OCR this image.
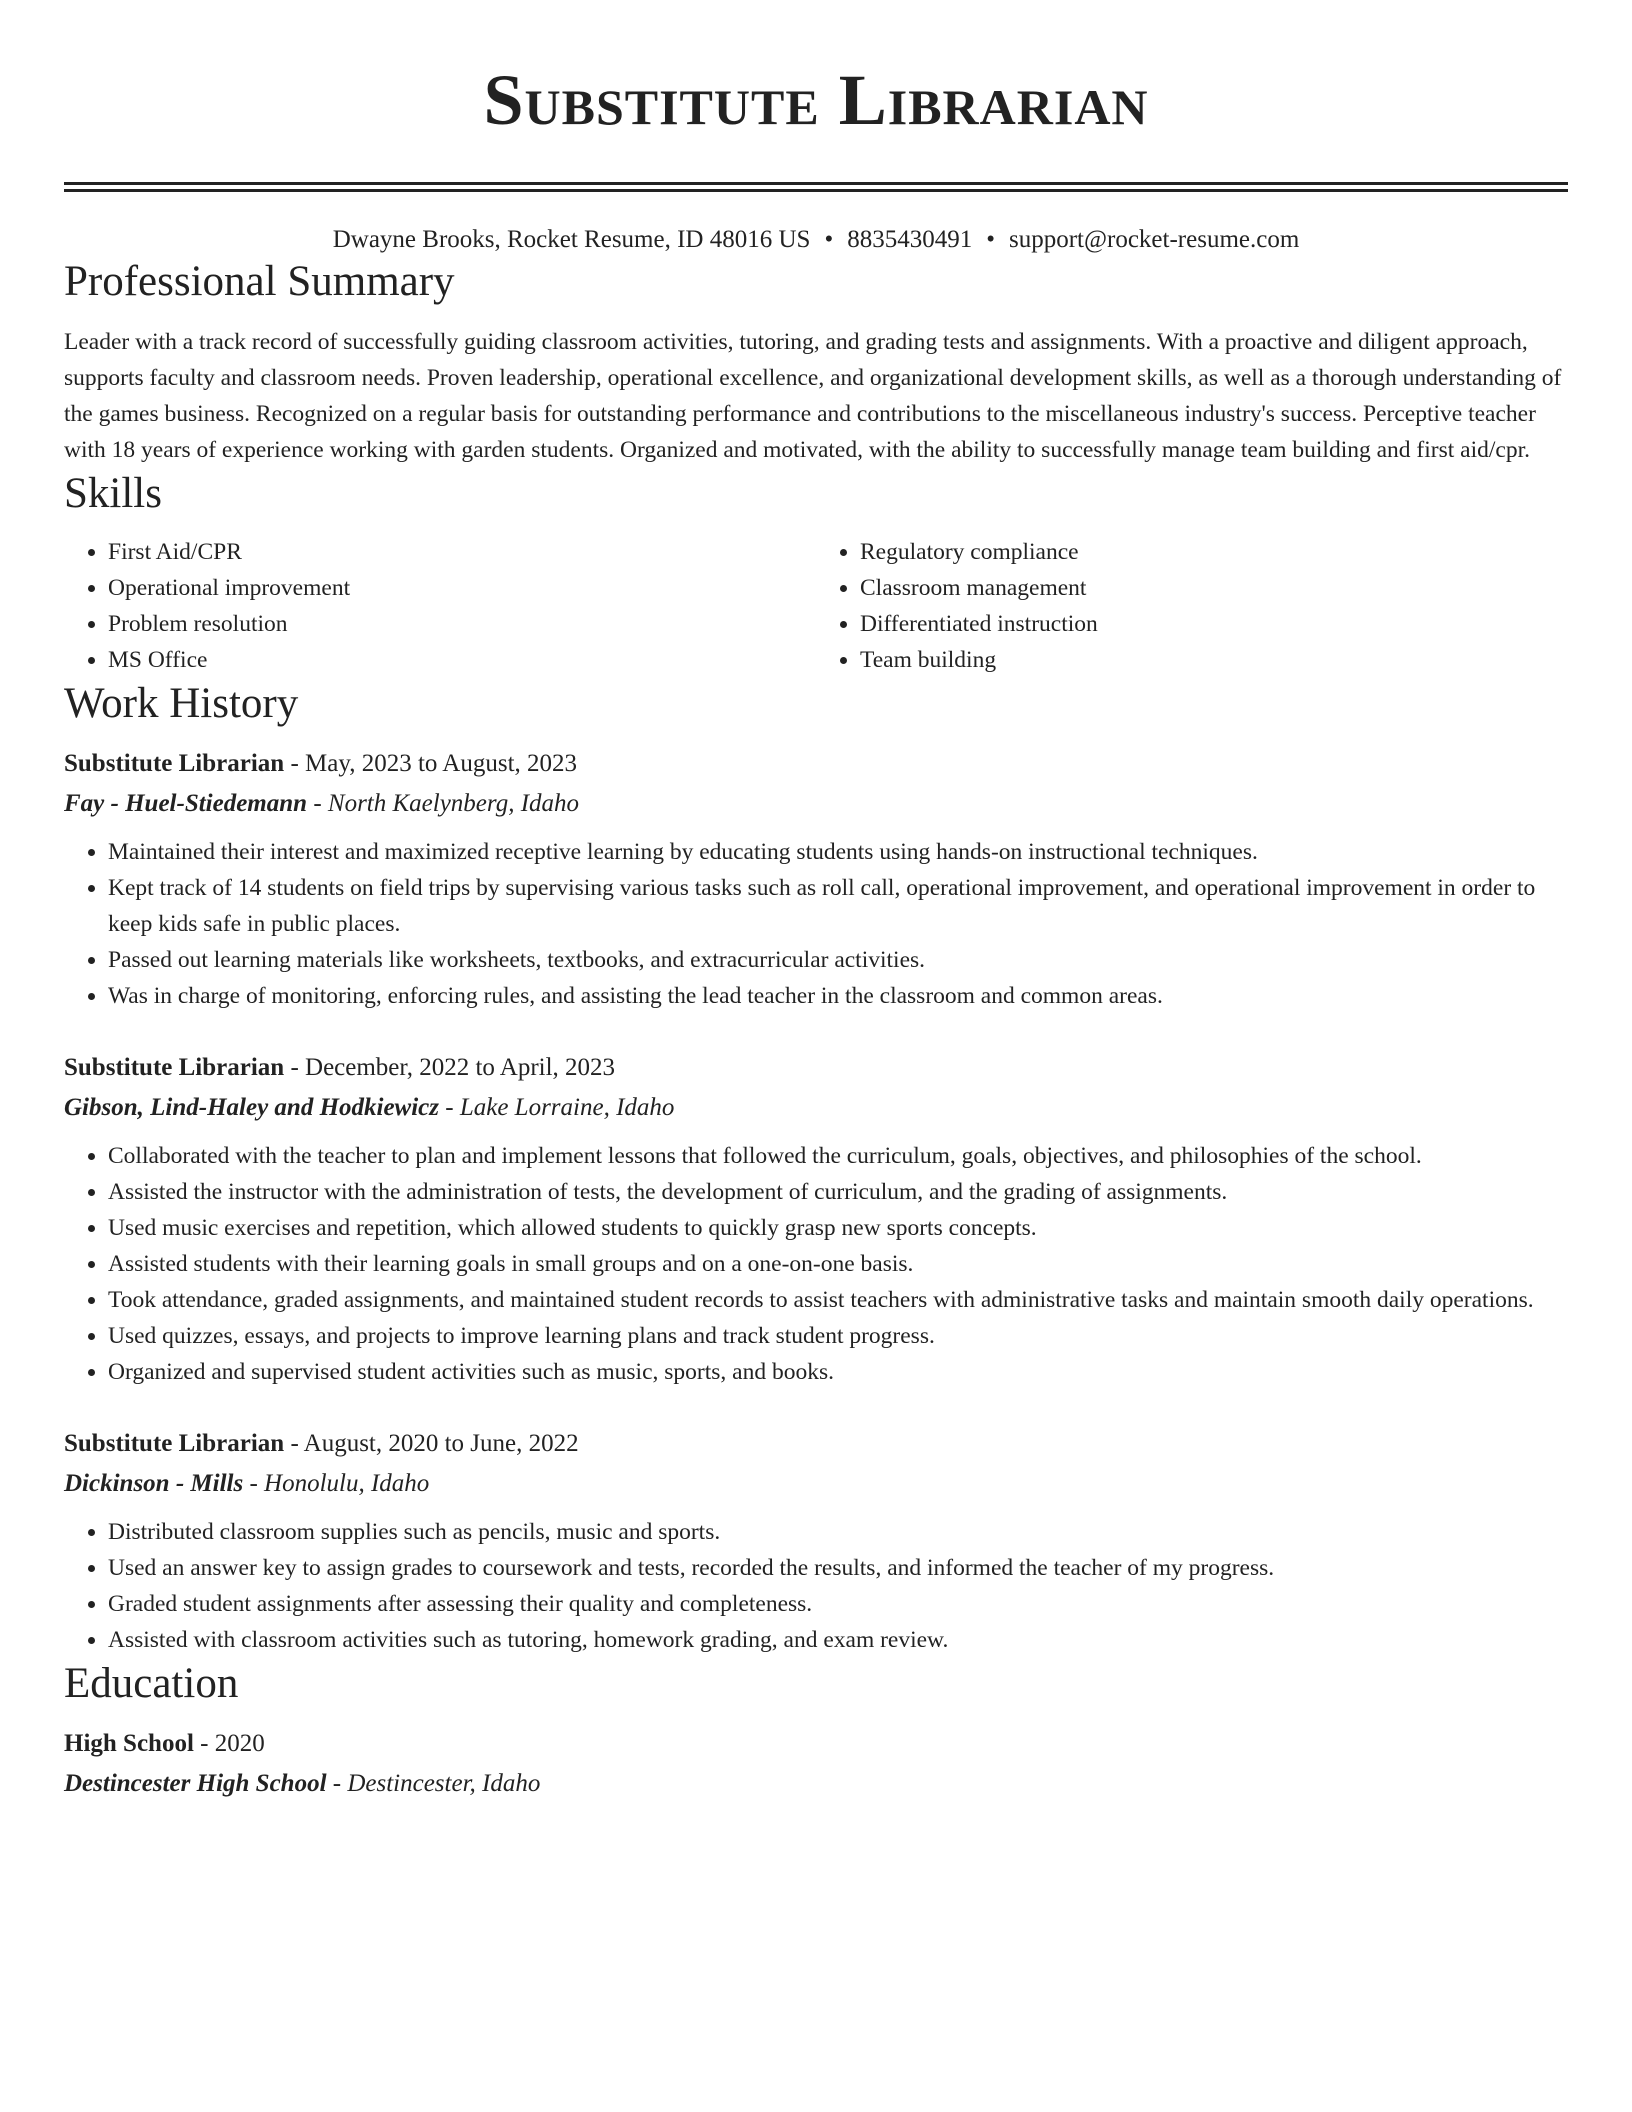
Substitute Librarian
Dwayne Brooks, Rocket Resume, ID 48016 US • 8835430491 • support@rocket-resume.com
Professional Summary
Leader with a track record of successfully guiding classroom activities, tutoring, and grading tests and assignments. With a proactive and diligent approach, supports faculty and classroom needs. Proven leadership, operational excellence, and organizational development skills, as well as a thorough understanding of the games business. Recognized on a regular basis for outstanding performance and contributions to the miscellaneous industry's success. Perceptive teacher with 18 years of experience working with garden students. Organized and motivated, with the ability to successfully manage team building and first aid/cpr.
Skills
• First Aid/CPR
• Operational improvement
• Problem resolution
• MS Office
• Regulatory compliance
• Classroom management
• Differentiated instruction
• Team building
Work History
Substitute Librarian - May, 2023 to August, 2023
Fay - Huel-Stiedemann - North Kaelynberg, Idaho
• Maintained their interest and maximized receptive learning by educating students using hands-on instructional techniques.
• Kept track of 14 students on field trips by supervising various tasks such as roll call, operational improvement, and operational improvement in order to keep kids safe in public places.
• Passed out learning materials like worksheets, textbooks, and extracurricular activities.
• Was in charge of monitoring, enforcing rules, and assisting the lead teacher in the classroom and common areas.
Substitute Librarian - December, 2022 to April, 2023
Gibson, Lind-Haley and Hodkiewicz - Lake Lorraine, Idaho
• Collaborated with the teacher to plan and implement lessons that followed the curriculum, goals, objectives, and philosophies of the school.
• Assisted the instructor with the administration of tests, the development of curriculum, and the grading of assignments.
• Used music exercises and repetition, which allowed students to quickly grasp new sports concepts.
• Assisted students with their learning goals in small groups and on a one-on-one basis.
• Took attendance, graded assignments, and maintained student records to assist teachers with administrative tasks and maintain smooth daily operations.
• Used quizzes, essays, and projects to improve learning plans and track student progress.
• Organized and supervised student activities such as music, sports, and books.
Substitute Librarian - August, 2020 to June, 2022
Dickinson - Mills - Honolulu, Idaho
• Distributed classroom supplies such as pencils, music and sports.
• Used an answer key to assign grades to coursework and tests, recorded the results, and informed the teacher of my progress.
• Graded student assignments after assessing their quality and completeness.
• Assisted with classroom activities such as tutoring, homework grading, and exam review.
Education
High School - 2020
Destincester High School - Destincester, Idaho
